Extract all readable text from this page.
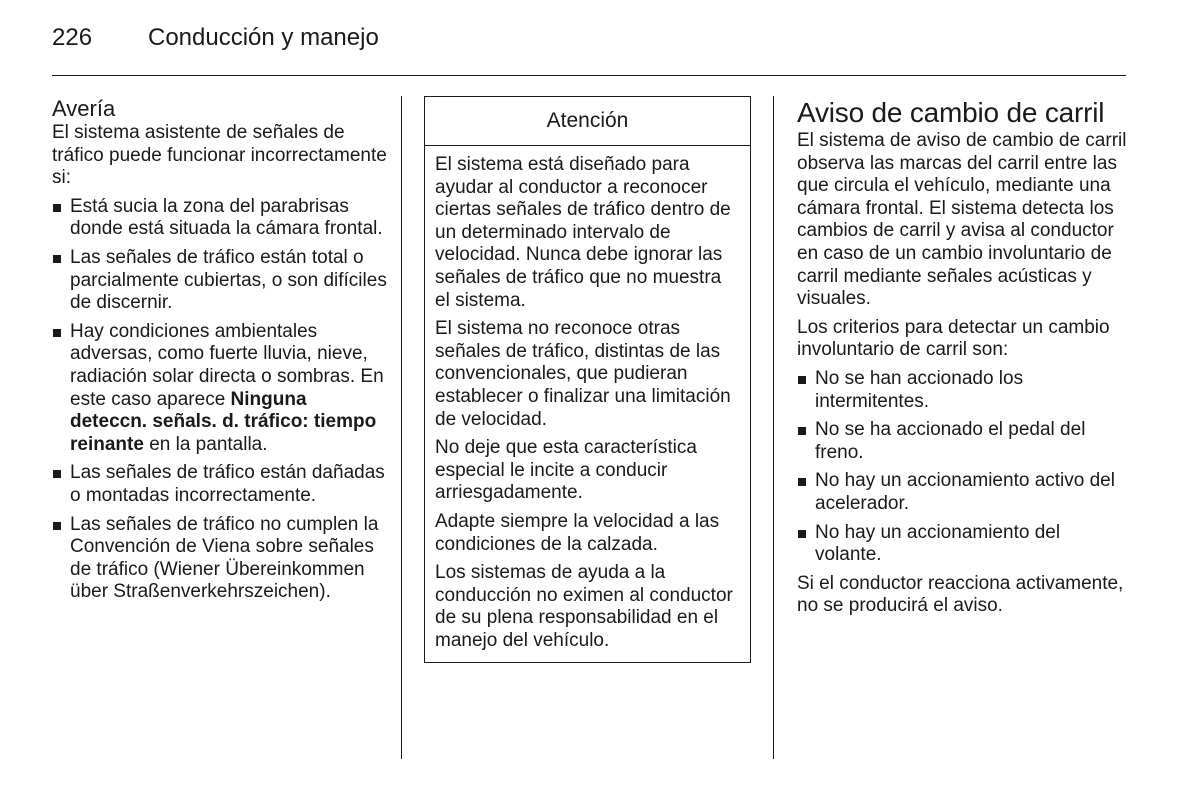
226	Conducción y manejo
Avería

El sistema asistente de señales de tráfico puede funcionar incorrectamente si:

Está sucia la zona del parabrisas donde está situada la cámara frontal.
Las señales de tráfico están total o parcialmente cubiertas, o son difíciles de discernir.
Hay condiciones ambientales adversas, como fuerte lluvia, nieve, radiación solar directa o sombras. En este caso aparece Ninguna deteccn. señals. d. tráfico: tiempo reinante en la pantalla.
Las señales de tráfico están dañadas o montadas incorrectamente.
Las señales de tráfico no cumplen la Convención de Viena sobre señales de tráfico (Wiener Übereinkommen über Straßenverkehrszeichen).
Atención

El sistema está diseñado para ayudar al conductor a reconocer ciertas señales de tráfico dentro de un determinado intervalo de velocidad. Nunca debe ignorar las señales de tráfico que no muestra el sistema.

El sistema no reconoce otras señales de tráfico, distintas de las convencionales, que pudieran establecer o finalizar una limitación de velocidad.

No deje que esta característica especial le incite a conducir arriesgadamente.

Adapte siempre la velocidad a las condiciones de la calzada.

Los sistemas de ayuda a la conducción no eximen al conductor de su plena responsabilidad en el manejo del vehículo.

Aviso de cambio de carril

El sistema de aviso de cambio de carril observa las marcas del carril entre las que circula el vehículo, mediante una cámara frontal. El sistema detecta los cambios de carril y avisa al conductor en caso de un cambio involuntario de carril mediante señales acústicas y visuales.

Los criterios para detectar un cambio involuntario de carril son:

No se han accionado los intermitentes.
No se ha accionado el pedal del freno.
No hay un accionamiento activo del acelerador.
No hay un accionamiento del volante.

Si el conductor reacciona activamente, no se producirá el aviso.
